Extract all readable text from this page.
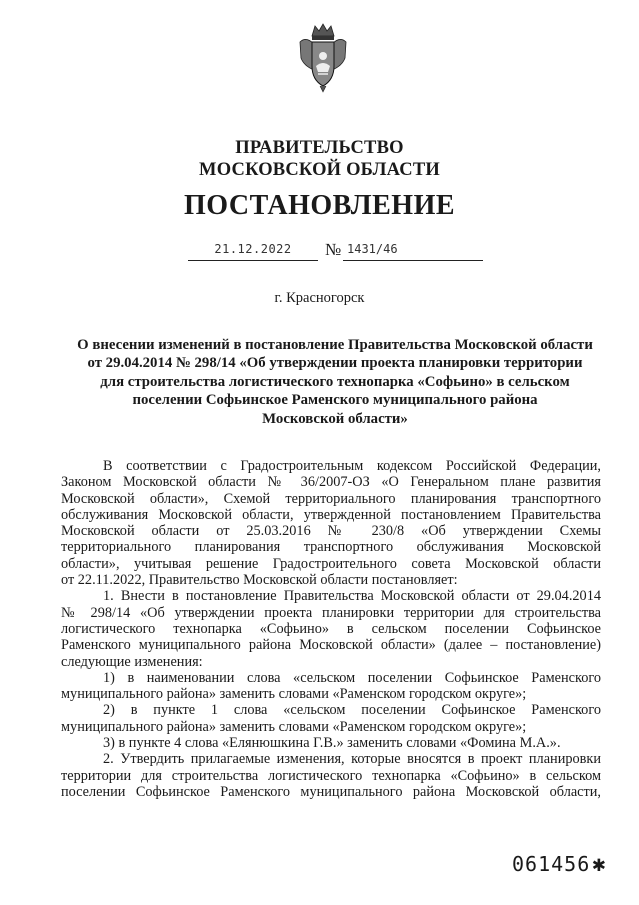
ПРАВИТЕЛЬСТВО
МОСКОВСКОЙ ОБЛАСТИ
ПОСТАНОВЛЕНИЕ
21.12.2022	№ 1431/46
г. Красногорск
О внесении изменений в постановление Правительства Московской области
от 29.04.2014 № 298/14 «Об утверждении проекта планировки территории
для строительства логистического технопарка «Софьино» в сельском
поселении Софьинское Раменского муниципального района
Московской области»

В соответствии с Градостроительным кодексом Российской Федерации,

Законом Московской области № 36/2007-ОЗ «О Генеральном плане развития

Московской области», Схемой территориального планирования транспортного

обслуживания Московской области, утвержденной постановлением Правительства

Московской области от 25.03.2016 № 230/8 «Об утверждении Схемы

территориального планирования транспортного обслуживания Московской

области», учитывая решение Градостроительного совета Московской области

от 22.11.2022, Правительство Московской области постановляет:

1. Внести в постановление Правительства Московской области от 29.04.2014

№ 298/14 «Об утверждении проекта планировки территории для строительства

логистического технопарка «Софьино» в сельском поселении Софьинское

Раменского муниципального района Московской области» (далее – постановление)

следующие изменения:

1) в наименовании слова «сельском поселении Софьинское Раменского

муниципального района» заменить словами «Раменском городском округе»;

2) в пункте 1 слова «сельском поселении Софьинское Раменского

муниципального района» заменить словами «Раменском городском округе»;

3) в пункте 4 слова «Елянюшкина Г.В.» заменить словами «Фомина М.А.».

2. Утвердить прилагаемые изменения, которые вносятся в проект планировки

территории для строительства логистического технопарка «Софьино» в сельском

поселении Софьинское Раменского муниципального района Московской области,

061456✱
